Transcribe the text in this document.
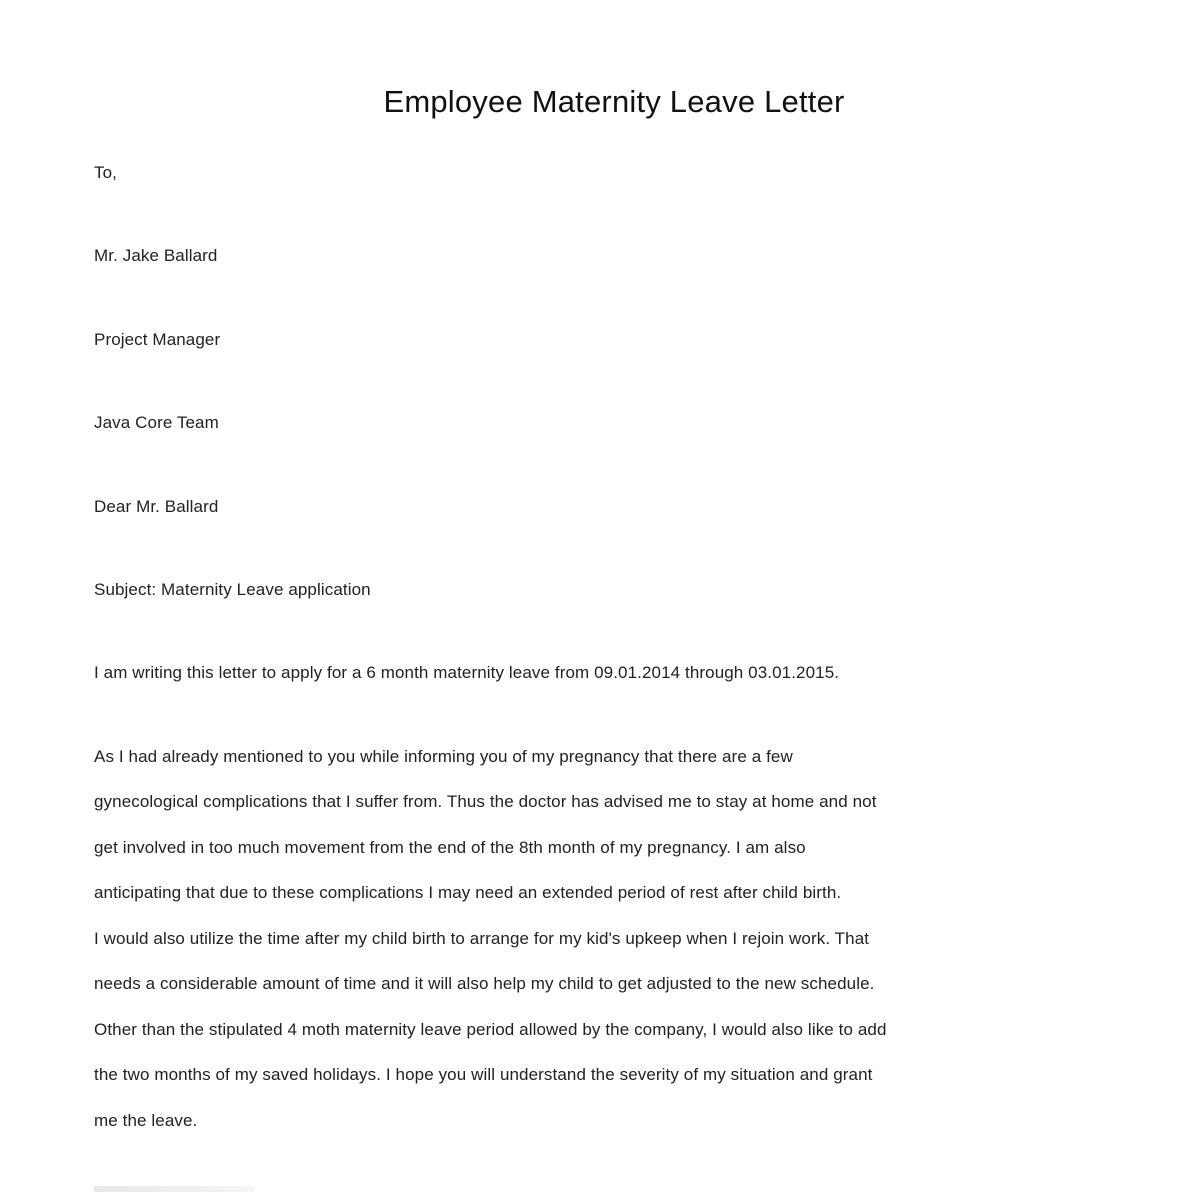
Employee Maternity Leave Letter
To,
Mr. Jake Ballard
Project Manager
Java Core Team
Dear Mr. Ballard
Subject: Maternity Leave application
I am writing this letter to apply for a 6 month maternity leave from 09.01.2014 through 03.01.2015.
As I had already mentioned to you while informing you of my pregnancy that there are a few
gynecological complications that I suffer from. Thus the doctor has advised me to stay at home and not
get involved in too much movement from the end of the 8th month of my pregnancy. I am also
anticipating that due to these complications I may need an extended period of rest after child birth.
I would also utilize the time after my child birth to arrange for my kid's upkeep when I rejoin work. That
needs a considerable amount of time and it will also help my child to get adjusted to the new schedule.
Other than the stipulated 4 moth maternity leave period allowed by the company, I would also like to add
the two months of my saved holidays. I hope you will understand the severity of my situation and grant
me the leave.
